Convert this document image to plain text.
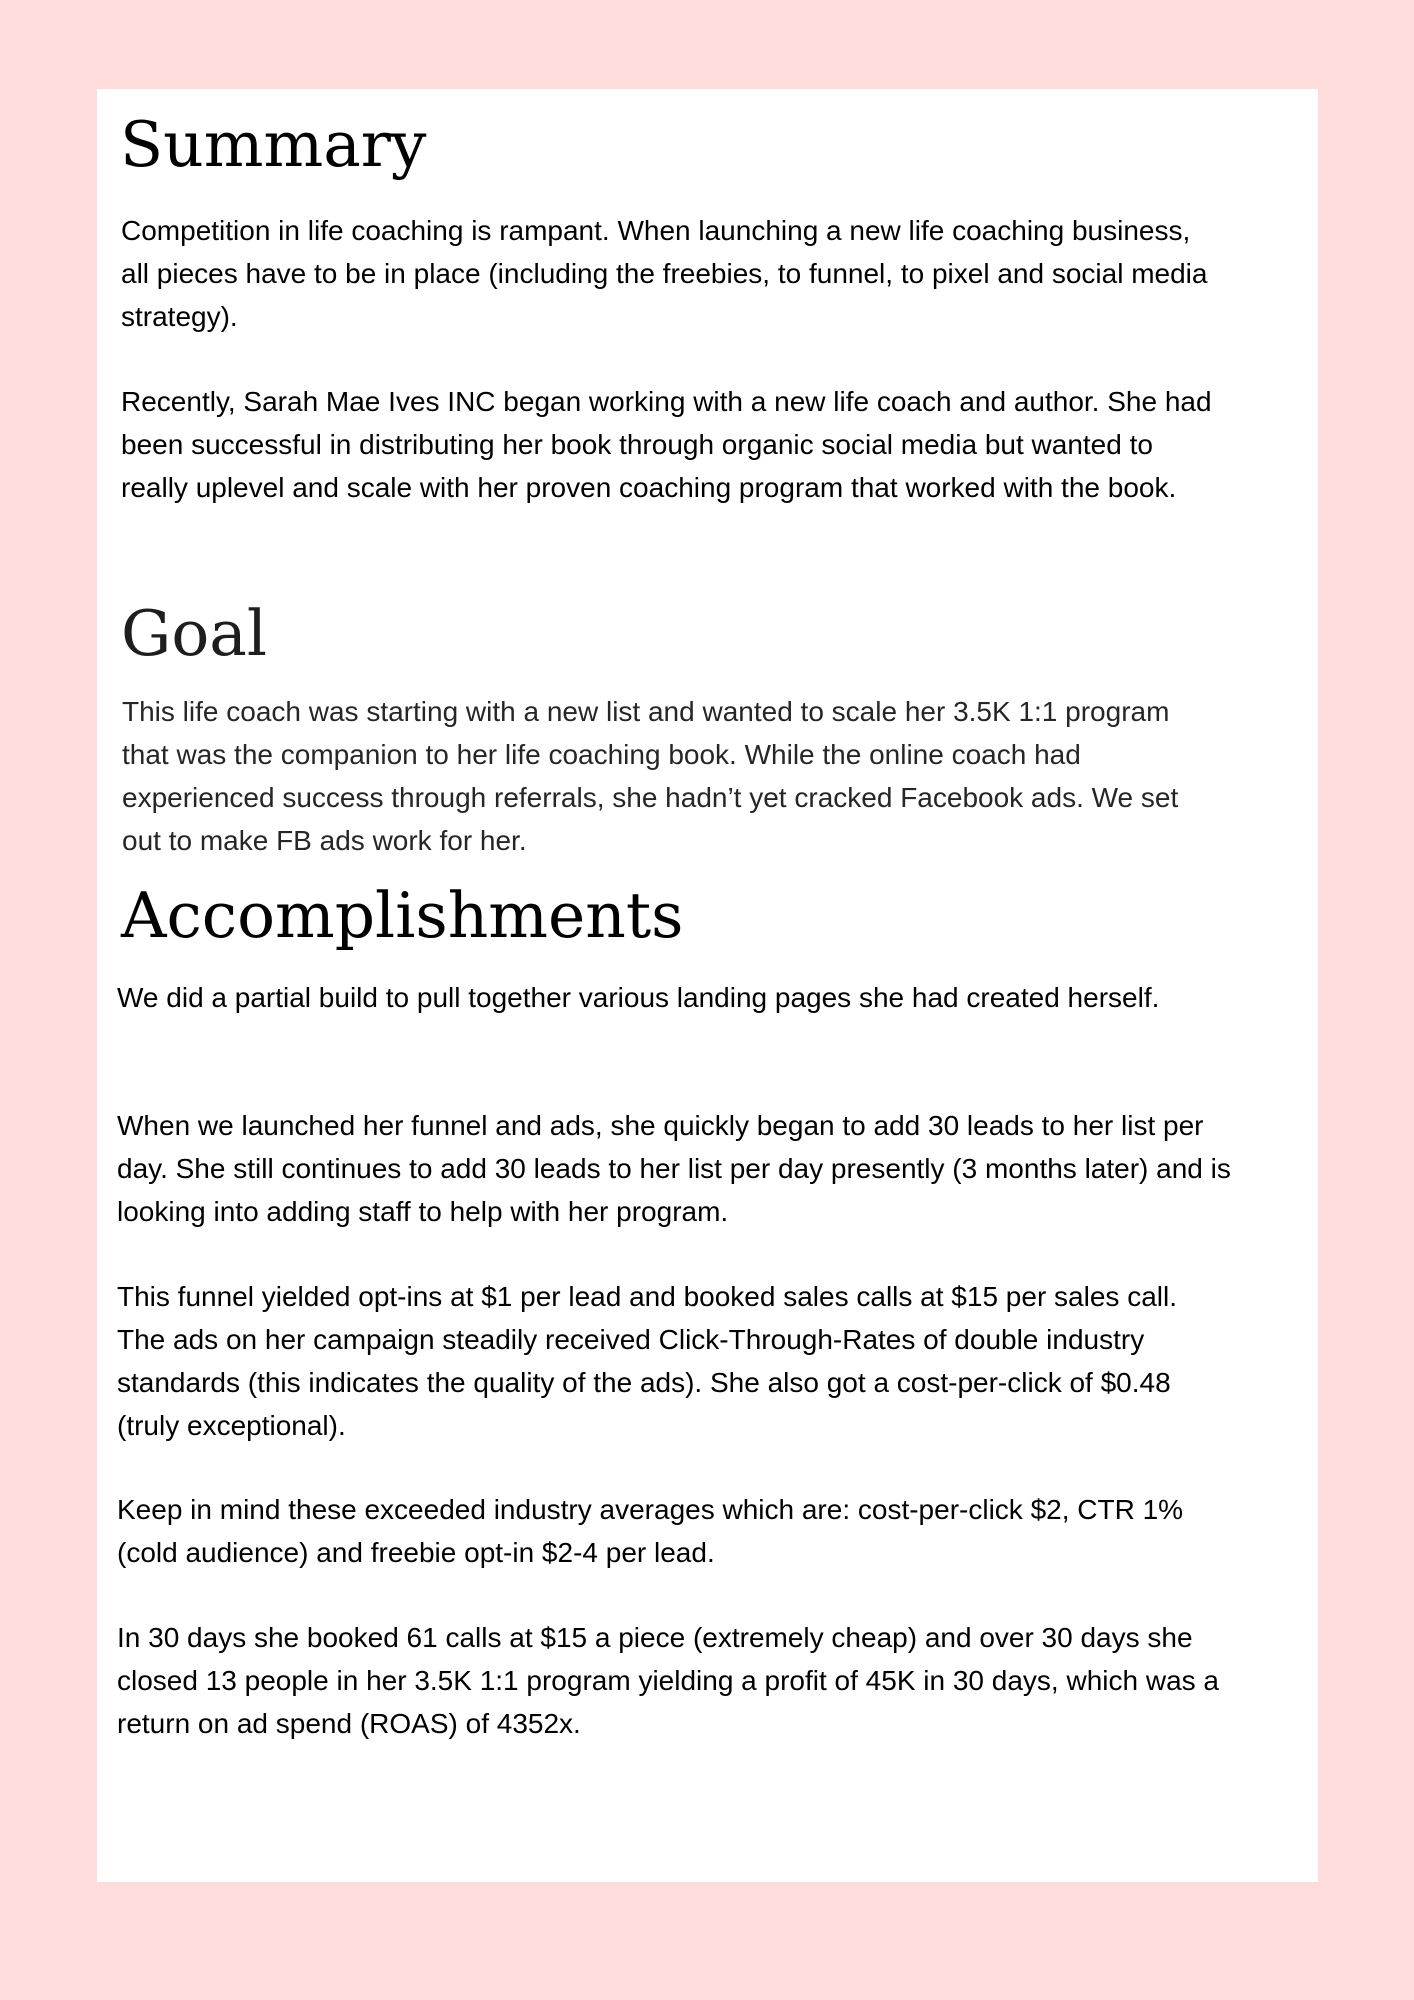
Summary

Competition in life coaching is rampant. When launching a new life coaching business, all pieces have to be in place (including the freebies, to funnel, to pixel and social media strategy).

Recently, Sarah Mae Ives INC began working with a new life coach and author. She had been successful in distributing her book through organic social media but wanted to really uplevel and scale with her proven coaching program that worked with the book.

Goal

This life coach was starting with a new list and wanted to scale her 3.5K 1:1 program that was the companion to her life coaching book. While the online coach had experienced success through referrals, she hadn’t yet cracked Facebook ads. We set out to make FB ads work for her.

Accomplishments

We did a partial build to pull together various landing pages she had created herself.

When we launched her funnel and ads, she quickly began to add 30 leads to her list per day. She still continues to add 30 leads to her list per day presently (3 months later) and is looking into adding staff to help with her program.

This funnel yielded opt-ins at $1 per lead and booked sales calls at $15 per sales call. The ads on her campaign steadily received Click-Through-Rates of double industry standards (this indicates the quality of the ads). She also got a cost-per-click of $0.48 (truly exceptional).

Keep in mind these exceeded industry averages which are: cost-per-click $2, CTR 1% (cold audience) and freebie opt-in $2-4 per lead.

In 30 days she booked 61 calls at $15 a piece (extremely cheap) and over 30 days she closed 13 people in her 3.5K 1:1 program yielding a profit of 45K in 30 days, which was a return on ad spend (ROAS) of 4352x.
